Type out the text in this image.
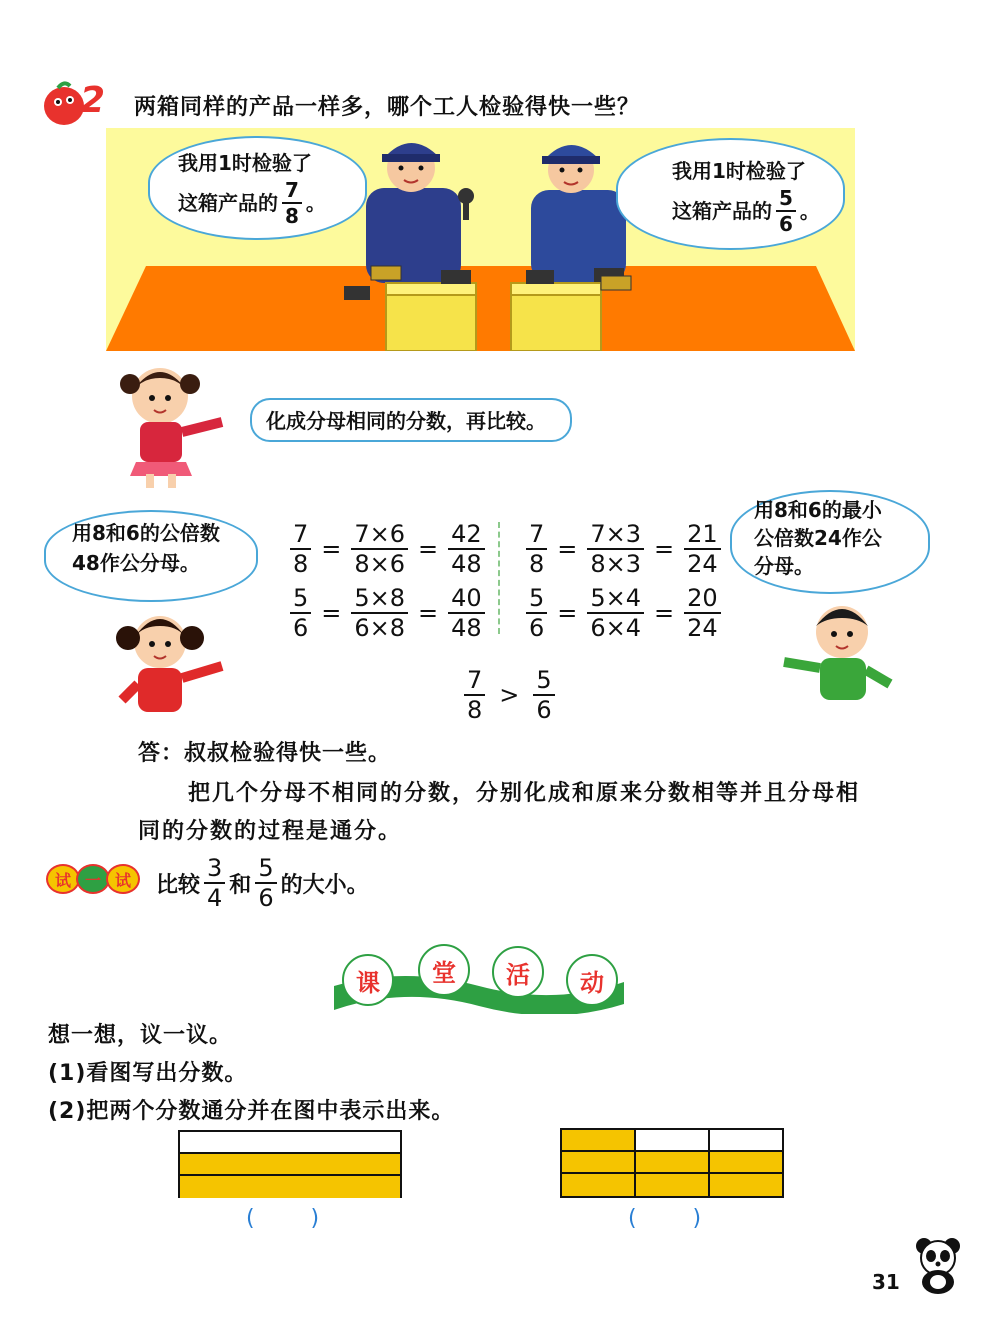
2 两箱同样的产品一样多，哪个工人检验得快一些？
我用1时检验了
这箱产品的 $\frac{7}{8}$ 。
我用1时检验了
这箱产品的 $\frac{5}{6}$ 。
化成分母相同的分数，再比较。
用8和6的公倍数
48作公分母。
用8和6的最小
公倍数24作公
分母。
$\frac{7}{8} = \frac{7\times 6}{8\times 6} = \frac{42}{48}$
$\frac{5}{6} = \frac{5\times 8}{6\times 8} = \frac{40}{48}$
$\frac{7}{8} = \frac{7\times 3}{8\times 3} = \frac{21}{24}$
$\frac{5}{6} = \frac{5\times 4}{6\times 4} = \frac{20}{24}$
$\frac{7}{8} > \frac{5}{6}$
答：叔叔检验得快一些。
把几个分母不相同的分数，分别化成和原来分数相等并且分母相
同的分数的过程是通分。
试 一 试	比较 $\frac{3}{4}$ 和 $\frac{5}{6}$ 的大小。
课	堂	活	动
想一想，议一议。
(1)看图写出分数。
(2)把两个分数通分并在图中表示出来。
(        )	(        )
31
